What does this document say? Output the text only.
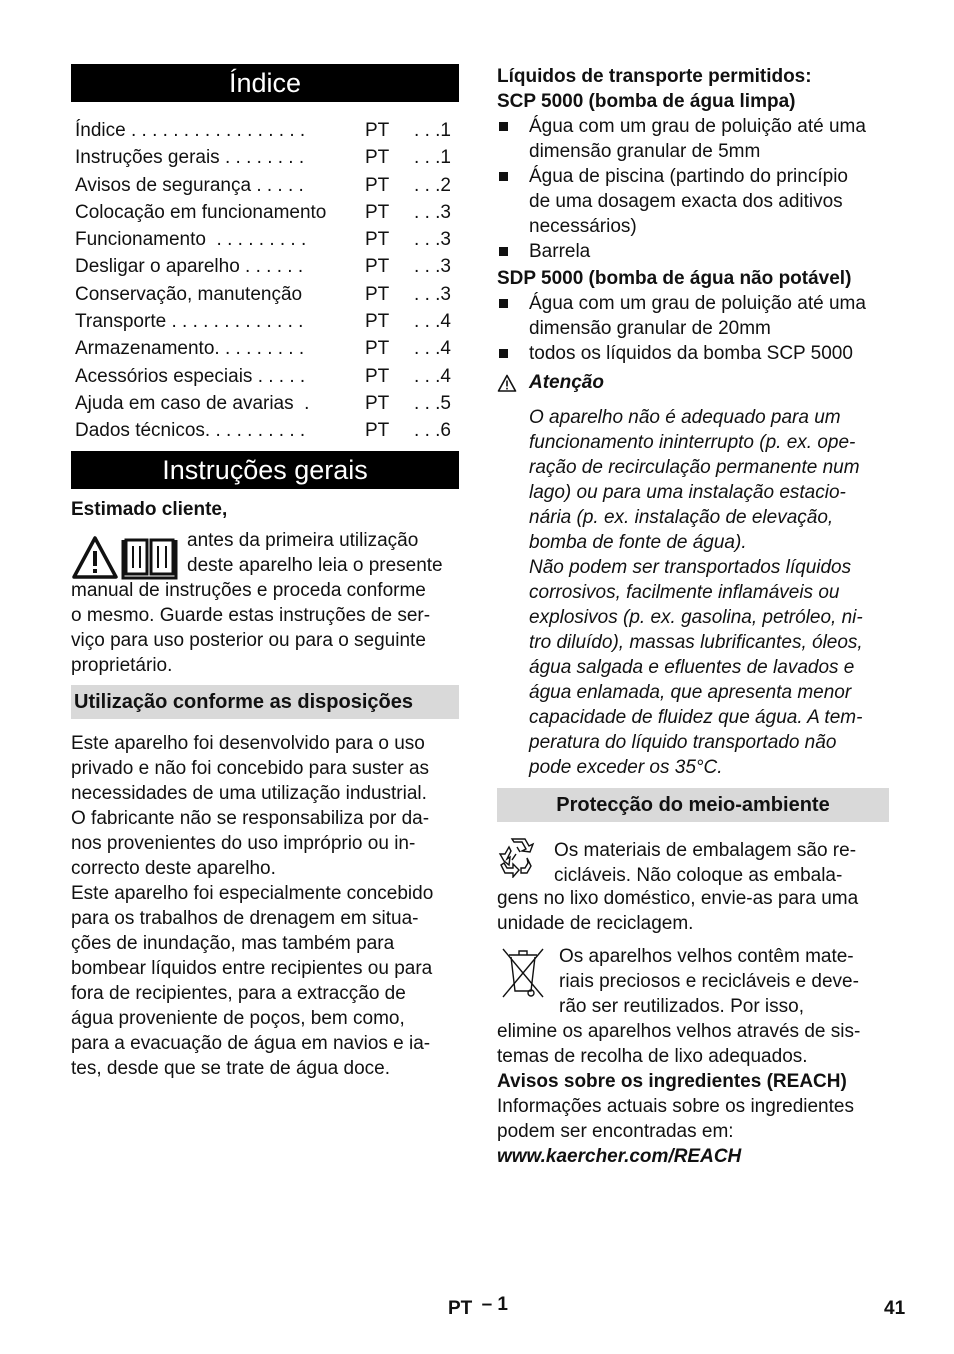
Índice
Índice . . . . . . . . . . . . . . . . .	PT . . .1
Instruções gerais . . . . . . . .	PT . . .1
Avisos de segurança . . . . .	PT . . .2
Colocação em funcionamento PT . . .3
Funcionamento  . . . . . . . . .	PT . . .3
Desligar o aparelho . . . . . .	PT . . .3
Conservação, manutenção	PT . . .3
Transporte . . . . . . . . . . . . .	PT . . .4
Armazenamento. . . . . . . . .	PT . . .4
Acessórios especiais . . . . .	PT . . .4
Ajuda em caso de avarias  .	PT . . .5
Dados técnicos. . . . . . . . . .	PT . . .6
Instruções gerais
Estimado cliente,
antes da primeira utilização
deste aparelho leia o presente
manual de instruções e proceda conforme
o mesmo. Guarde estas instruções de ser-
viço para uso posterior ou para o seguinte
proprietário.
Utilização conforme as disposições
Este aparelho foi desenvolvido para o uso
privado e não foi concebido para suster as
necessidades de uma utilização industrial.
O fabricante não se responsabiliza por da-
nos provenientes do uso impróprio ou in-
correcto deste aparelho.
Este aparelho foi especialmente concebido
para os trabalhos de drenagem em situa-
ções de inundação, mas também para
bombear líquidos entre recipientes ou para
fora de recipientes, para a extracção de
água proveniente de poços, bem como,
para a evacuação de água em navios e ia-
tes, desde que se trate de água doce.
Líquidos de transporte permitidos:
SCP 5000 (bomba de água limpa)
Água com um grau de poluição até uma
dimensão granular de 5mm
Água de piscina (partindo do princípio
de uma dosagem exacta dos aditivos
necessários)
Barrela
SDP 5000 (bomba de água não potável)
Água com um grau de poluição até uma
dimensão granular de 20mm
todos os líquidos da bomba SCP 5000
Atenção
O aparelho não é adequado para um
funcionamento ininterrupto (p. ex. ope-
ração de recirculação permanente num
lago) ou para uma instalação estacio-
nária (p. ex. instalação de elevação,
bomba de fonte de água).
Não podem ser transportados líquidos
corrosivos, facilmente inflamáveis ou
explosivos (p. ex. gasolina, petróleo, ni-
tro diluído), massas lubrificantes, óleos,
água salgada e efluentes de lavados e
água enlamada, que apresenta menor
capacidade de fluidez que água. A tem-
peratura do líquido transportado não
pode exceder os 35°C.
Protecção do meio-ambiente
Os materiais de embalagem são re-
cicláveis. Não coloque as embala-
gens no lixo doméstico, envie-as para uma
unidade de reciclagem.
Os aparelhos velhos contêm mate-
riais preciosos e recicláveis e deve-
rão ser reutilizados. Por isso,
elimine os aparelhos velhos através de sis-
temas de recolha de lixo adequados.
Avisos sobre os ingredientes (REACH)
Informações actuais sobre os ingredientes
podem ser encontradas em:
www.kaercher.com/REACH
PT – 1	41
